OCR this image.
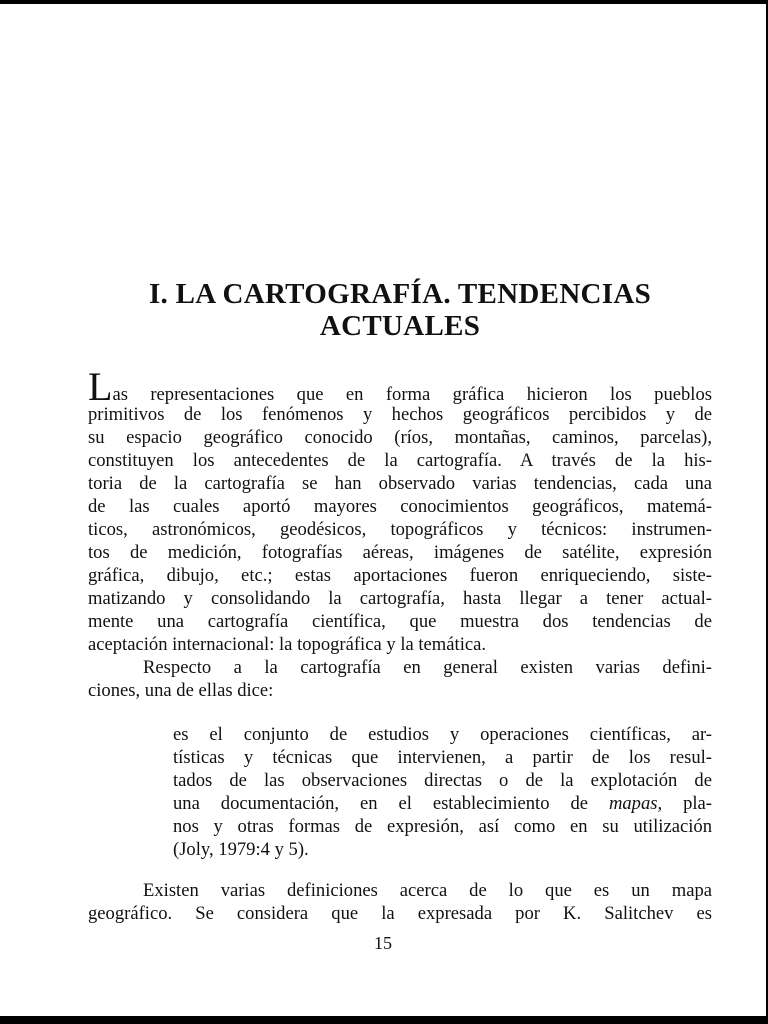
I. LA CARTOGRAFÍA. TENDENCIAS
ACTUALES

Las representaciones que en forma gráfica hicieron los pueblos

primitivos de los fenómenos y hechos geográficos percibidos y de

su espacio geográfico conocido (ríos, montañas, caminos, parcelas),

constituyen los antecedentes de la cartografía. A través de la his-

toria de la cartografía se han observado varias tendencias, cada una

de las cuales aportó mayores conocimientos geográficos, matemá-

ticos, astronómicos, geodésicos, topográficos y técnicos: instrumen-

tos de medición, fotografías aéreas, imágenes de satélite, expresión

gráfica, dibujo, etc.; estas aportaciones fueron enriqueciendo, siste-

matizando y consolidando la cartografía, hasta llegar a tener actual-

mente una cartografía científica, que muestra dos tendencias de

aceptación internacional: la topográfica y la temática.

Respecto a la cartografía en general existen varias defini-

ciones, una de ellas dice:

es el conjunto de estudios y operaciones científicas, ar-

tísticas y técnicas que intervienen, a partir de los resul-

tados de las observaciones directas o de la explotación de

una documentación, en el establecimiento de mapas, pla-

nos y otras formas de expresión, así como en su utilización

(Joly, 1979:4 y 5).

Existen varias definiciones acerca de lo que es un mapa

geográfico. Se considera que la expresada por K. Salitchev es

15
